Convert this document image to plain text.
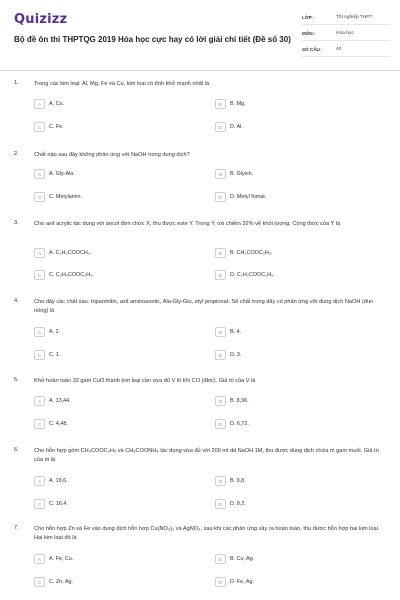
Quizizz
Bộ đề ôn thi THPTQG 2019 Hóa học cực hay có lời giải chi tiết (Đề số 30)
LỚP :	Tốt nghiệp THPT
MÔN :	Hóa học
SỐ CÂU :	40
1.	Trong các kim loại: Al, Mg, Fe và Cu, kim loại có tính khử mạnh nhất là
A	A. Cu.	B	B. Mg.
C	C. Fe.	D	D. Al.
2.	Chất nào sau đây không phản ứng với NaOH trong dung dịch?
A	A. Gly-Ala.	B	B. Glyxin.
C	C. Metylamin.	D	D. Metyl fomat.
3.	Cho axit acrylic tác dụng với ancol đơn chức X, thu được este Y. Trong Y, oxi chiếm 32% về khối lượng. Công thức của Y là
A	A. C₂H₃COOCH₃.	B	B. CH₃COOC₂H₅.
C	C. C₂H₅COOC₂H₅.	D	D. C₂H₃COOC₂H₅.
4.	Cho dãy các chất sau: tripanmitin, axit aminoaxetic, Ala-Gly-Glu, etyl propionat. Số chất trong dãy có phản ứng với dung dịch NaOH (đun nóng) là
A	A. 2.	B	B. 4.
C	C. 1.	D	D. 3.
5.	Khử hoàn toàn 32 gam CuO thành kim loại cần vừa đủ V lít khí CO (đktc). Giá trị của V là
A	A. 13,44.	B	B. 8,96.
C	C. 4,48.	D	D. 6,72.
6.	Cho hỗn hợp gồm CH₃COOC₂H₅ và CH₃COONH₄ tác dụng vừa đủ với 200 ml dd NaOH 1M, thu được dung dịch chứa m gam muối. Giá trị của m là
A	A. 19,6.	B	B. 9,8.
C	C. 16,4.	D	D. 8,2.
7.	Cho hỗn hợp Zn và Fe vào dung dịch hỗn hợp Cu(NO₃)₂ và AgNO₃, sau khi các phản ứng xảy ra hoàn toàn, thu được hỗn hợp hai kim loại. Hai kim loại đó là
A	A. Fe, Cu.	B	B. Cu, Ag.
C	C. Zn, Ag.	D	D. Fe, Ag.
